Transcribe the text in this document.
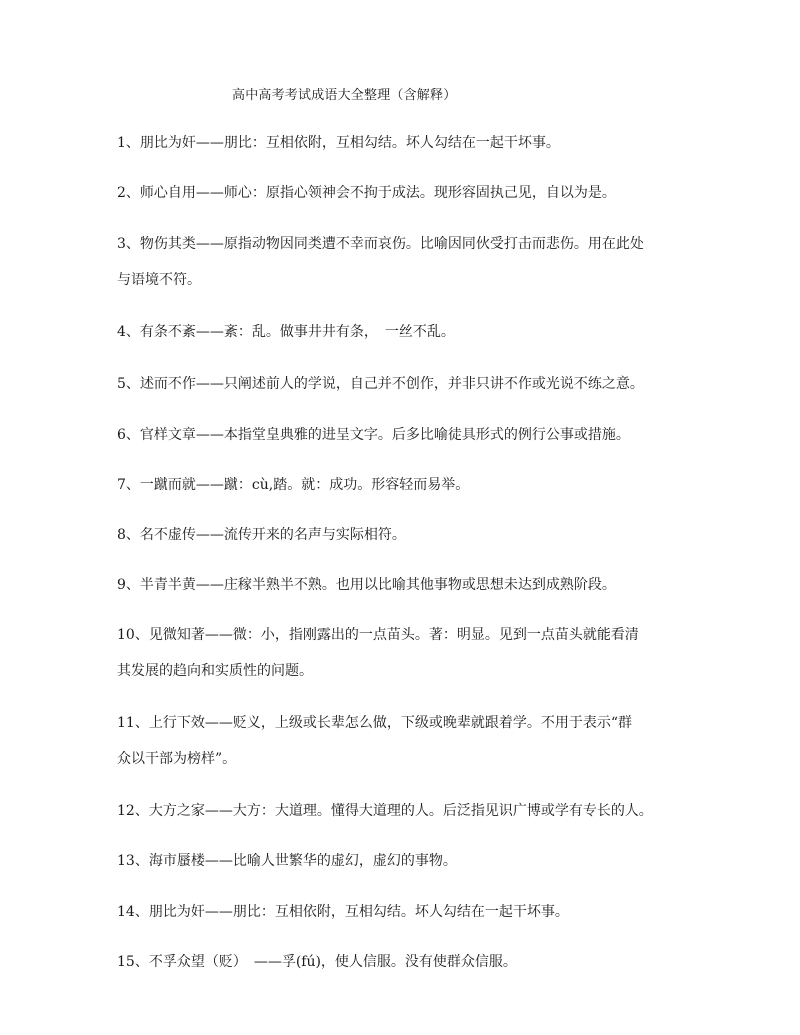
高中高考考试成语大全整理（含解释）
1、朋比为奸——朋比：互相依附，互相勾结。坏人勾结在一起干坏事。
2、师心自用——师心：原指心领神会不拘于成法。现形容固执己见，自以为是。
3、物伤其类——原指动物因同类遭不幸而哀伤。比喻因同伙受打击而悲伤。用在此处
与语境不符。
4、有条不紊——紊：乱。做事井井有条，　一丝不乱。
5、述而不作——只阐述前人的学说，自己并不创作，并非只讲不作或光说不练之意。
6、官样文章——本指堂皇典雅的进呈文字。后多比喻徒具形式的例行公事或措施。
7、一蹴而就——蹴：cù,踏。就：成功。形容轻而易举。
8、名不虚传——流传开来的名声与实际相符。
9、半青半黄——庄稼半熟半不熟。也用以比喻其他事物或思想未达到成熟阶段。
10、见微知著——微：小，指刚露出的一点苗头。著：明显。见到一点苗头就能看清
其发展的趋向和实质性的问题。
11、上行下效——贬义，上级或长辈怎么做，下级或晚辈就跟着学。不用于表示“群
众以干部为榜样”。
12、大方之家——大方：大道理。懂得大道理的人。后泛指见识广博或学有专长的人。
13、海市蜃楼——比喻人世繁华的虚幻，虚幻的事物。
14、朋比为奸——朋比：互相依附，互相勾结。坏人勾结在一起干坏事。
15、不孚众望（贬）　——孚(fú)，使人信服。没有使群众信服。
